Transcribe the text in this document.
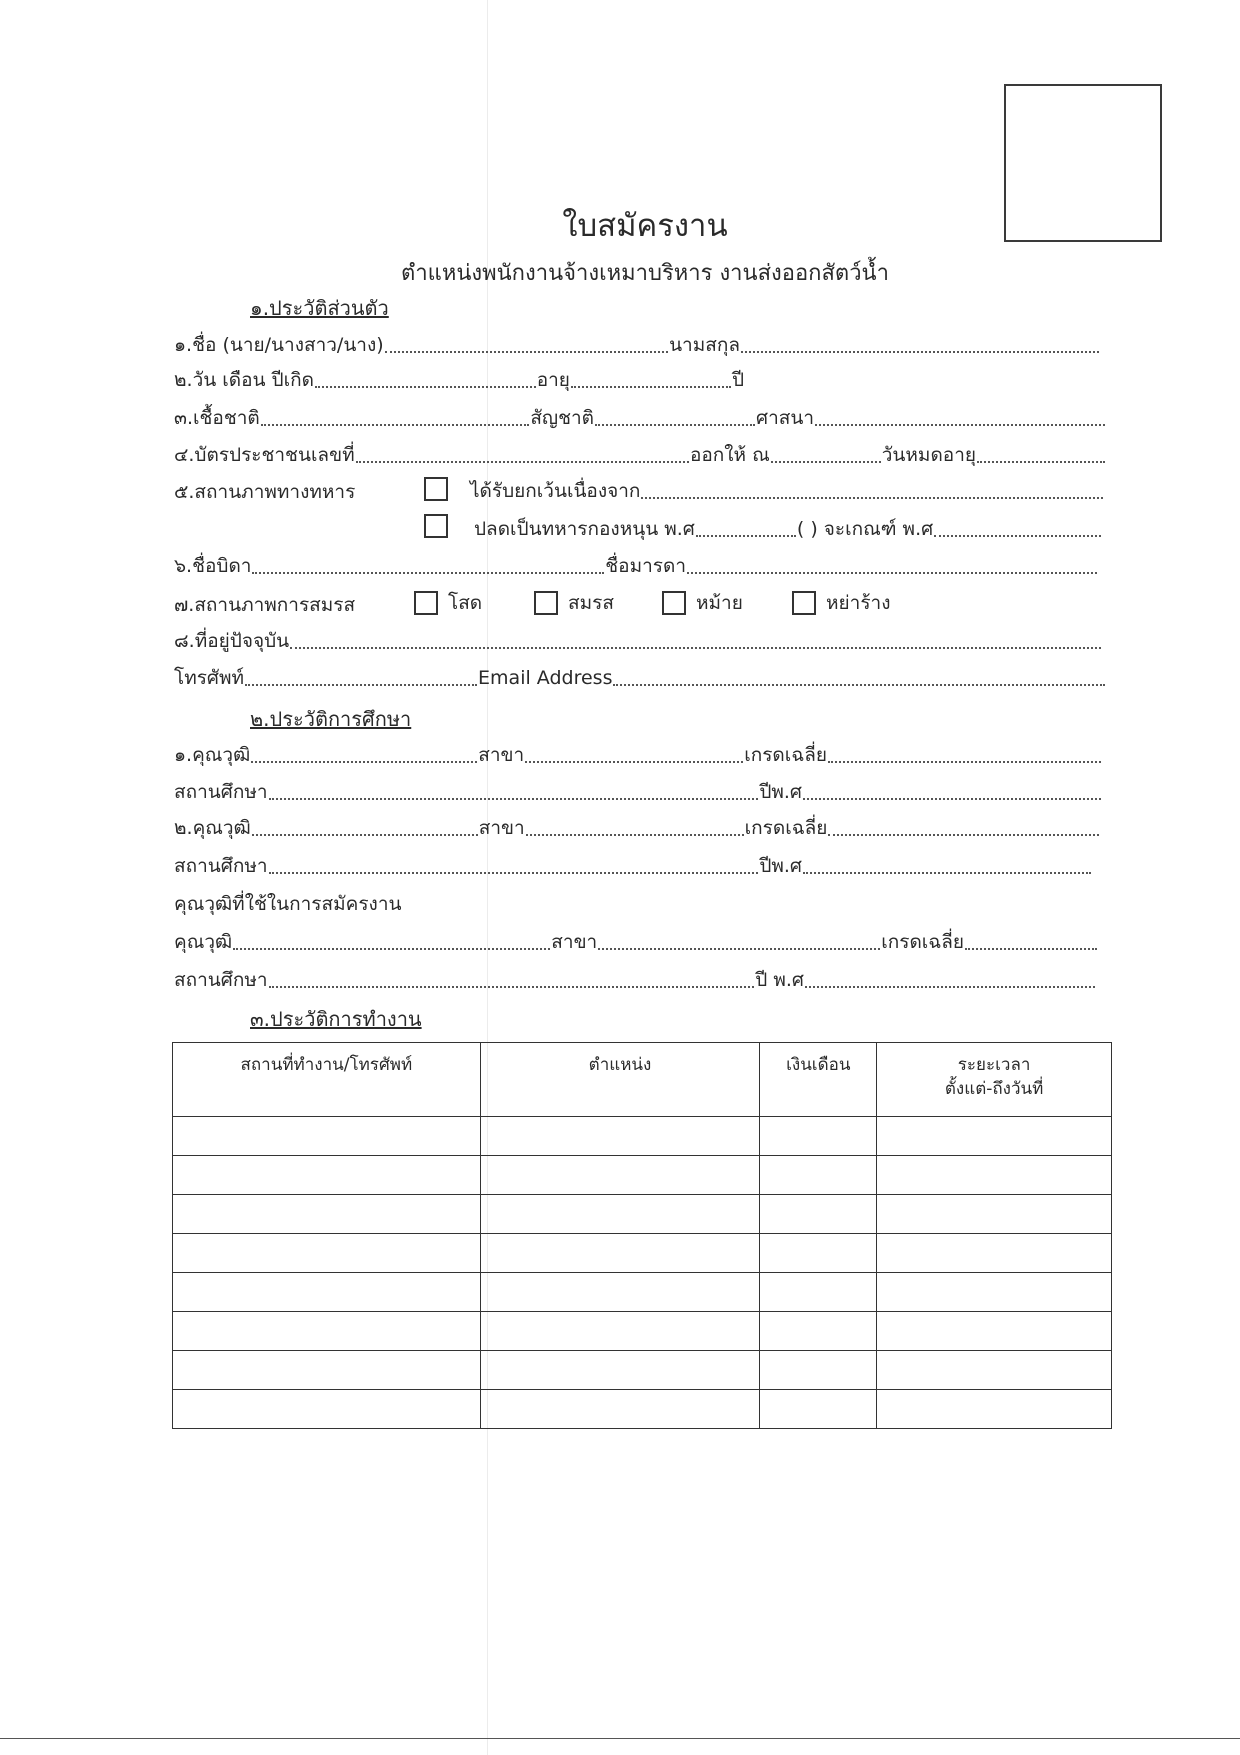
ใบสมัครงาน
ตำแหน่งพนักงานจ้างเหมาบริหาร งานส่งออกสัตว์น้ำ
๑.ประวัติส่วนตัว
๑.ชื่อ (นาย/นางสาว/นาง)	นามสกุล
๒.วัน เดือน ปีเกิด	อายุ	ปี
๓.เชื้อชาติ	สัญชาติ	ศาสนา
๔.บัตรประชาชนเลขที่	ออกให้ ณ	วันหมดอายุ
๕.สถานภาพทางทหาร	ได้รับยกเว้นเนื่องจาก
ปลดเป็นทหารกองหนุน พ.ศ	( ) จะเกณฑ์ พ.ศ
๖.ชื่อบิดา	ชื่อมารดา
๗.สถานภาพการสมรส	โสด	สมรส	หม้าย	หย่าร้าง
๘.ที่อยู่ปัจจุบัน
โทรศัพท์	Email Address
๒.ประวัติการศึกษา
๑.คุณวุฒิ	สาขา	เกรดเฉลี่ย
สถานศึกษา	ปีพ.ศ
๒.คุณวุฒิ	สาขา	เกรดเฉลี่ย
สถานศึกษา	ปีพ.ศ
คุณวุฒิที่ใช้ในการสมัครงาน
คุณวุฒิ	สาขา	เกรดเฉลี่ย
สถานศึกษา	ปี พ.ศ
๓.ประวัติการทำงาน
สถานที่ทำงาน/โทรศัพท์	ตำแหน่ง	เงินเดือน	ระยะเวลา
ตั้งแต่-ถึงวันที่
